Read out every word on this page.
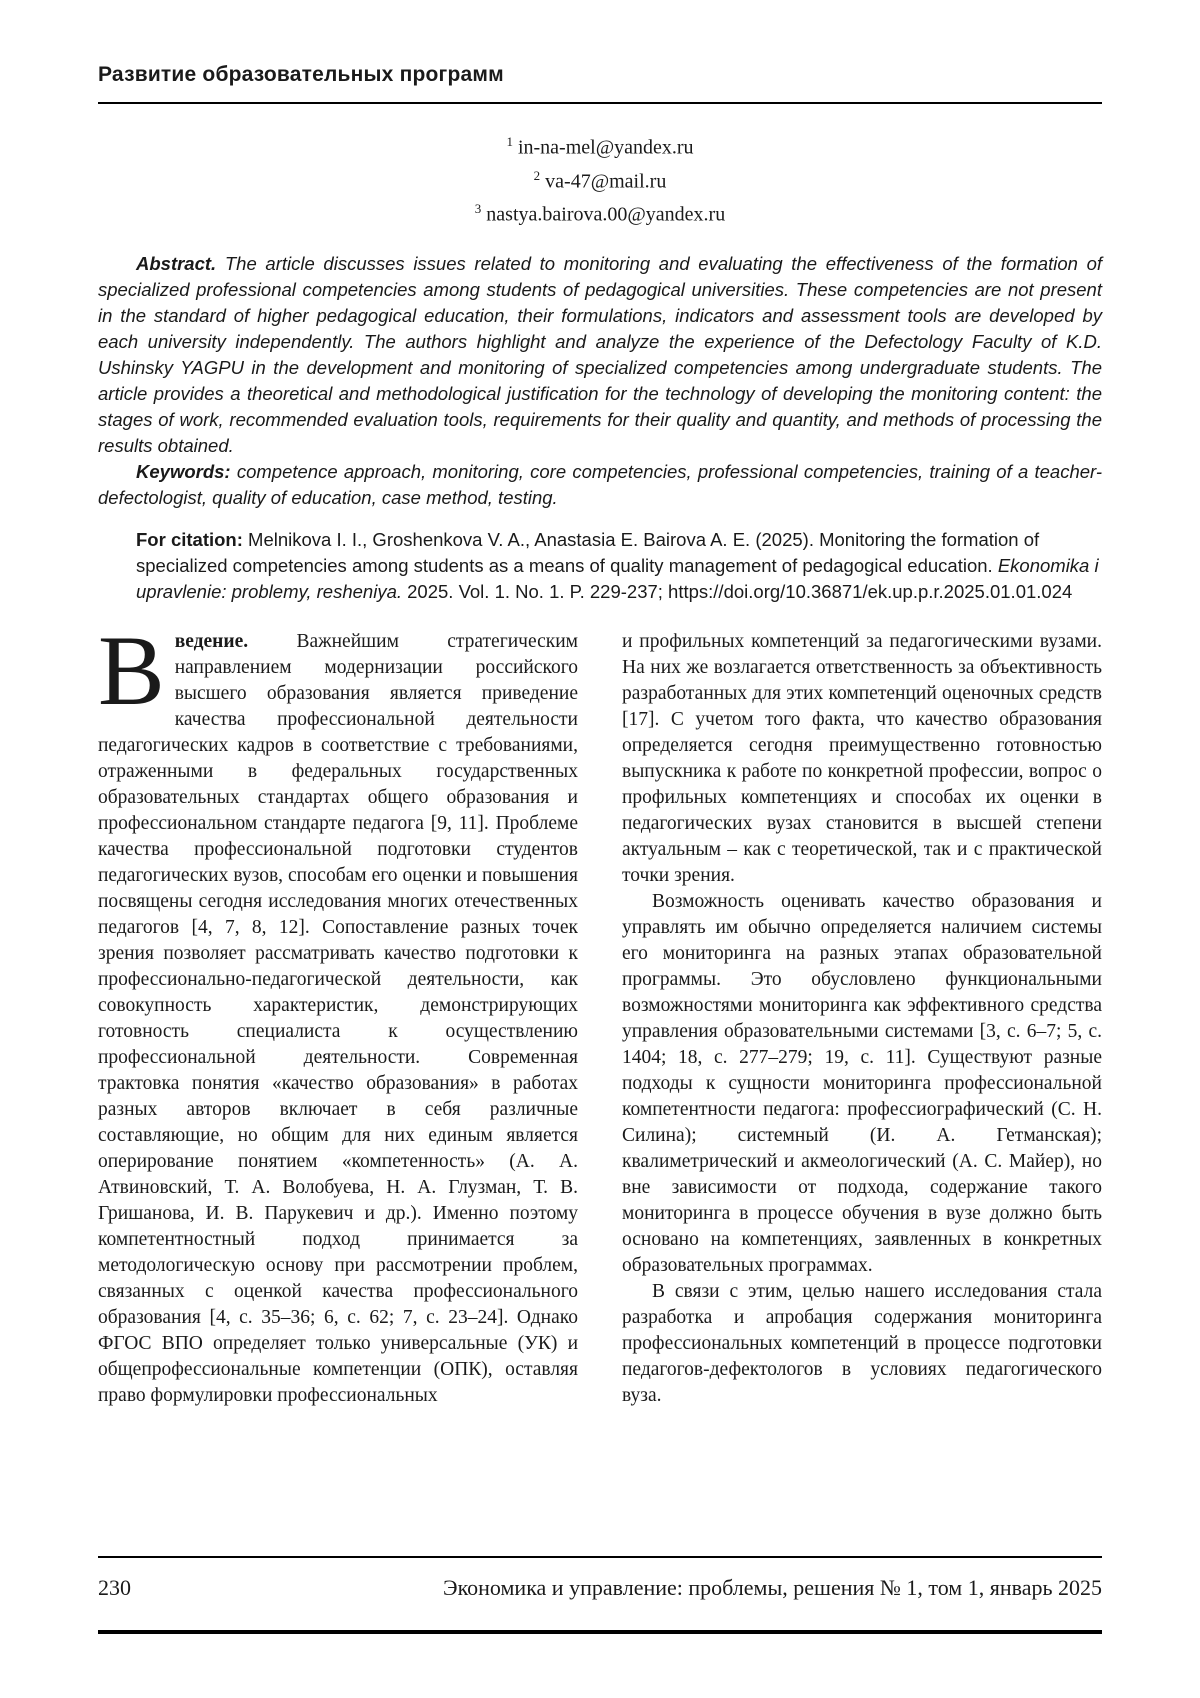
Развитие образовательных программ
$^1$ in-na-mel@yandex.ru
$^2$ va-47@mail.ru
$^3$ nastya.bairova.00@yandex.ru

Abstract. The article discusses issues related to monitoring and evaluating the effectiveness of the formation of specialized professional competencies among students of pedagogical universities. These competencies are not present in the standard of higher pedagogical education, their formulations, indicators and assessment tools are developed by each university independently. The authors highlight and analyze the experience of the Defectology Faculty of K.D. Ushinsky YAGPU in the development and monitoring of specialized competencies among undergraduate students. The article provides a theoretical and methodological justification for the technology of developing the monitoring content: the stages of work, recommended evaluation tools, requirements for their quality and quantity, and methods of processing the results obtained.

Keywords: competence approach, monitoring, core competencies, professional competencies, training of a teacher-defectologist, quality of education, case method, testing.

For citation: Melnikova I. I., Groshenkova V. A., Anastasia E. Bairova A. E. (2025). Monitoring the formation of specialized competencies among students as a means of quality management of pedagogical education. Ekonomika i upravlenie: problemy, resheniya. 2025. Vol. 1. No. 1. P. 229-237; https://doi.org/10.36871/ek.up.p.r.2025.01.01.024

Введение. Важнейшим стратегическим направлением модернизации российского высшего образования является приведение качества профессиональной деятельности педагогических кадров в соответствие с требованиями, отраженными в федеральных государственных образовательных стандартах общего образования и профессиональном стандарте педагога [9, 11]. Проблеме качества профессиональной подготовки студентов педагогических вузов, способам его оценки и повышения посвящены сегодня исследования многих отечественных педагогов [4, 7, 8, 12]. Сопоставление разных точек зрения позволяет рассматривать качество подготовки к профессионально-педагогической деятельности, как совокупность характеристик, демонстрирующих готовность специалиста к осуществлению профессиональной деятельности. Современная трактовка понятия «качество образования» в работах разных авторов включает в себя различные составляющие, но общим для них единым является оперирование понятием «компетенность» (А. А. Атвиновский, Т. А. Волобуева, Н. А. Глузман, Т. В. Гришанова, И. В. Парукевич и др.). Именно поэтому компетентностный подход принимается за методологическую основу при рассмотрении проблем, связанных с оценкой качества профессионального образования [4, с. 35–36; 6, с. 62; 7, с. 23–24]. Однако ФГОС ВПО определяет только универсальные (УК) и общепрофессиональные компетенции (ОПК), оставляя право формулировки профессиональных

и профильных компетенций за педагогическими вузами. На них же возлагается ответственность за объективность разработанных для этих компетенций оценочных средств [17]. С учетом того факта, что качество образования определяется сегодня преимущественно готовностью выпускника к работе по конкретной профессии, вопрос о профильных компетенциях и способах их оценки в педагогических вузах становится в высшей степени актуальным – как с теоретической, так и с практической точки зрения.

Возможность оценивать качество образования и управлять им обычно определяется наличием системы его мониторинга на разных этапах образовательной программы. Это обусловлено функциональными возможностями мониторинга как эффективного средства управления образовательными системами [3, с. 6–7; 5, с. 1404; 18, с. 277–279; 19, с. 11]. Существуют разные подходы к сущности мониторинга профессиональной компетентности педагога: профессиографический (С. Н. Силина); системный (И. А. Гетманская); квалиметрический и акмеологический (А. С. Майер), но вне зависимости от подхода, содержание такого мониторинга в процессе обучения в вузе должно быть основано на компетенциях, заявленных в конкретных образовательных программах.

В связи с этим, целью нашего исследования стала разработка и апробация содержания мониторинга профессиональных компетенций в процессе подготовки педагогов-дефектологов в условиях педагогического вуза.

230	Экономика и управление: проблемы, решения № 1, том 1, январь 2025
